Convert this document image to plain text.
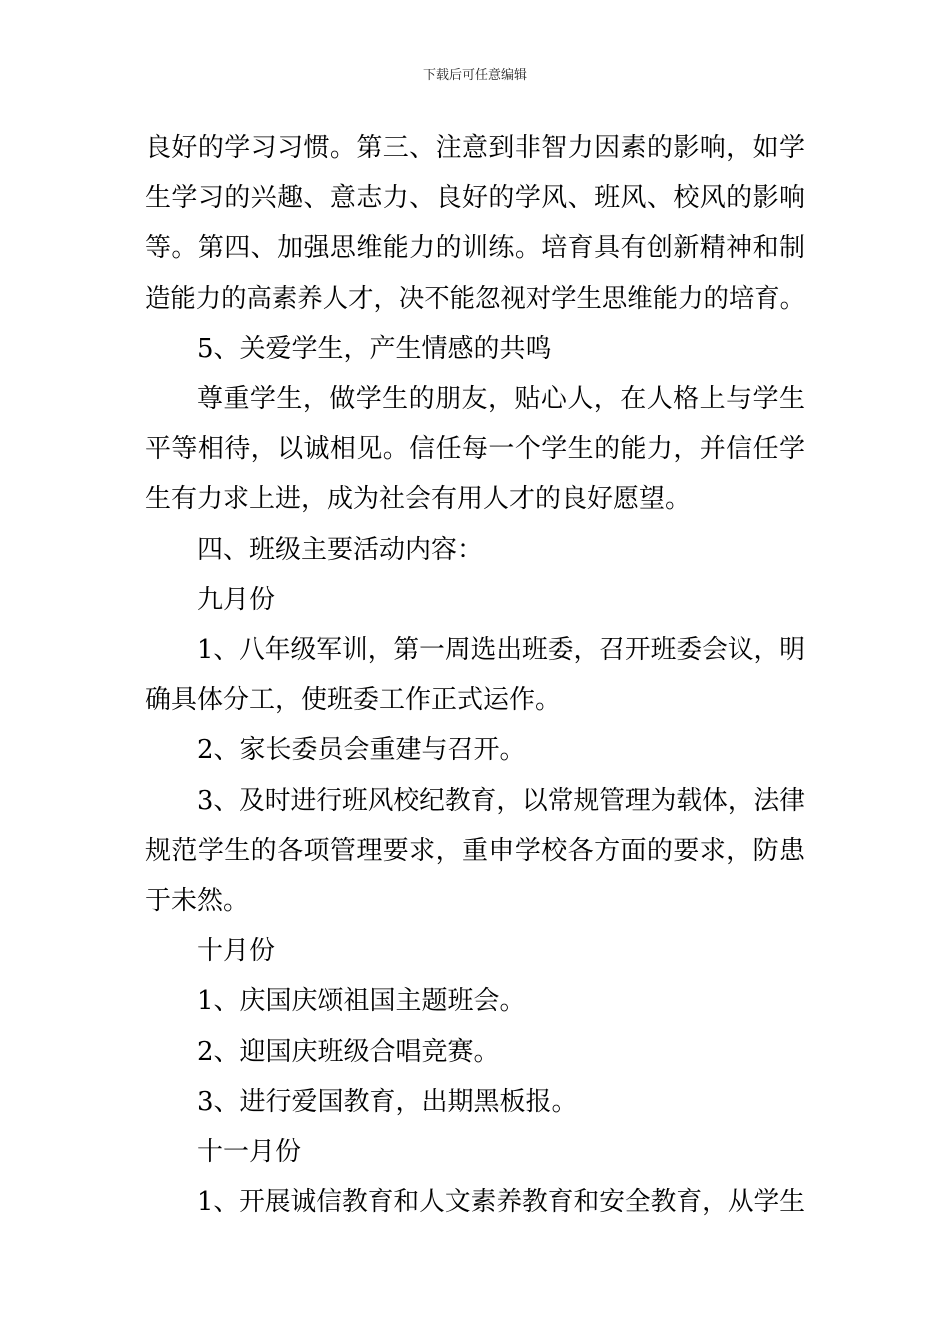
下载后可任意编辑
良好的学习习惯。第三、注意到非智力因素的影响，如学
生学习的兴趣、意志力、良好的学风、班风、校风的影响
等。第四、加强思维能力的训练。培育具有创新精神和制
造能力的高素养人才，决不能忽视对学生思维能力的培育。
5、关爱学生，产生情感的共鸣
尊重学生，做学生的朋友，贴心人，在人格上与学生
平等相待，以诚相见。信任每一个学生的能力，并信任学
生有力求上进，成为社会有用人才的良好愿望。
四、班级主要活动内容：
九月份
1、八年级军训，第一周选出班委，召开班委会议，明
确具体分工，使班委工作正式运作。
2、家长委员会重建与召开。
3、及时进行班风校纪教育，以常规管理为载体，法律
规范学生的各项管理要求，重申学校各方面的要求，防患
于未然。
十月份
1、庆国庆颂祖国主题班会。
2、迎国庆班级合唱竞赛。
3、进行爱国教育，出期黑板报。
十一月份
1、开展诚信教育和人文素养教育和安全教育，从学生
